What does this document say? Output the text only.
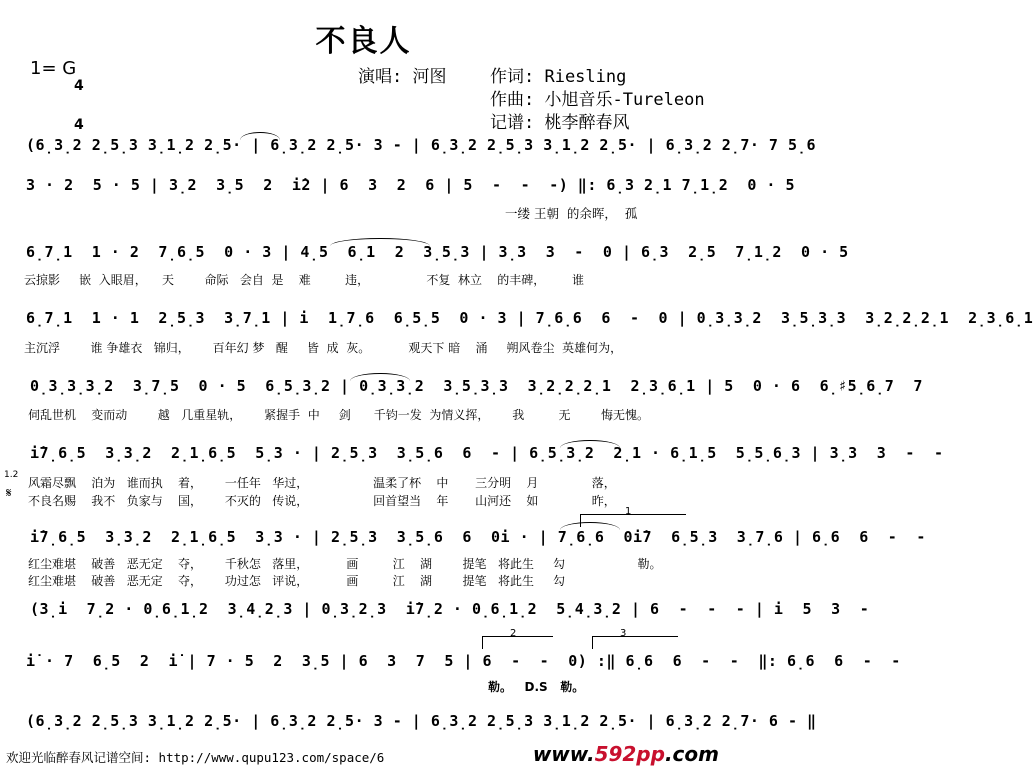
不良人
1= G

4

4

演唱: 河图	作词: Riesling
作曲: 小旭音乐-Tureleon
记谱: 桃李醉春风
(6̣3̣2 2̣5̣3 3̣1̣2 2̣5· | 6̣3̣2 2̣5· 3 - | 6̣3̣2 2̣5̣3 3̣1̣2 2̣5· | 6̣3̣2 2̣7· 7 5̣6
3 · 2  5 · 5 | 3̣2  3̣5  2  i̇2 | 6  3  2  6 | 5  -  -  -) ‖: 6̣3 2̣1 7̣1̣2  0 · 5
一缕 王朝  的余晖，  孤
6̣7̣1  1 · 2  7̣6̣5  0 · 3 | 4̣5  6̣1  2  3̣5̣3 | 3̣3  3  -  0 | 6̣3  2̣5  7̣1̣2  0 · 5
云掠影     嵌  入眼眉，    天        命际   会自  是    难         违，               不复  林立    的丰碑，       谁
6̣7̣1  1 · 1  2̣5̣3  3̣7̣1 | i  1̣7̣6  6̣5̣5  0 · 3 | 7̣6̣6  6  -  0 | 0̣3̣3̣2  3̣5̣3̣3  3̣2̣2̣2̣1  2̣3̣6̣1
主沉浮        谁 争雄衣   锦归，      百年幻 梦   醒     皆  成  灰。          观天下 暗    涌     朔风卷尘  英雄何为，
0̣3̣3̣3̣2  3̣7̣5  0 · 5  6̣5̣3̣2 | 0̣3̣3̣2  3̣5̣3̣3  3̣2̣2̣2̣1  2̣3̣6̣1 | 5  0 · 6  6̣♯5̣6̣7  7
伺乱世机    变而动        越   几重星轨，      紧握手  中     剑      千钧一发  为情义挥，      我         无        悔无愧。
i̇7̣6̣5  3̣3̣2  2̣1̣6̣5  5̣3 · | 2̣5̣3  3̣5̣6  6  - | 6̣5̣3̣2  2̣1 · 6̣1̣5  5̣5̣6̣3 | 3̣3  3  -  -
1.2
𝄋
风霜尽飘    泊为   谁而执    着，      一任年   华过，                 温柔了杯    中       三分明    月              落，
不良名赐    我不   负家与    国，      不灭的   传说，                 回首望当    年       山河还    如              昨，
i̇7̣6̣5  3̣3̣2  2̣1̣6̣5  3̣3 · | 2̣5̣3  3̣5̣6  6  0i · | 7̣6̣6  0i̇7  6̣5̣3  3̣7̣6 | 6̣6  6  -  -
红尘难堪    破善   恶无定    夺，      千秋怎   落里，          画         江    湖        提笔   将此生     勾                   勒。
红尘难堪    破善   恶无定    夺，      功过怎   评说，          画         江    湖        提笔   将此生     勾
(3̣i  7̣2 · 0̣6̣1̣2  3̣4̣2̣3 | 0̣3̣2̣3  i̇7̣2 · 0̣6̣1̣2  5̣4̣3̣2 | 6  -  -  - | i  5  3  -
i̇ · 7  6̣5  2  i̇ | 7 · 5  2  3̣5 | 6  3  7  5 | 6  -  -  0) :‖ 6̣6  6  -  -  ‖: 6̣6  6  -  -
勒。   D.S   勒。
(6̣3̣2 2̣5̣3 3̣1̣2 2̣5· | 6̣3̣2 2̣5· 3 - | 6̣3̣2 2̣5̣3 3̣1̣2 2̣5· | 6̣3̣2 2̣7· 6 - ‖
1
2	3
欢迎光临醉春风记谱空间: http://www.qupu123.com/space/6	www.592pp.com
